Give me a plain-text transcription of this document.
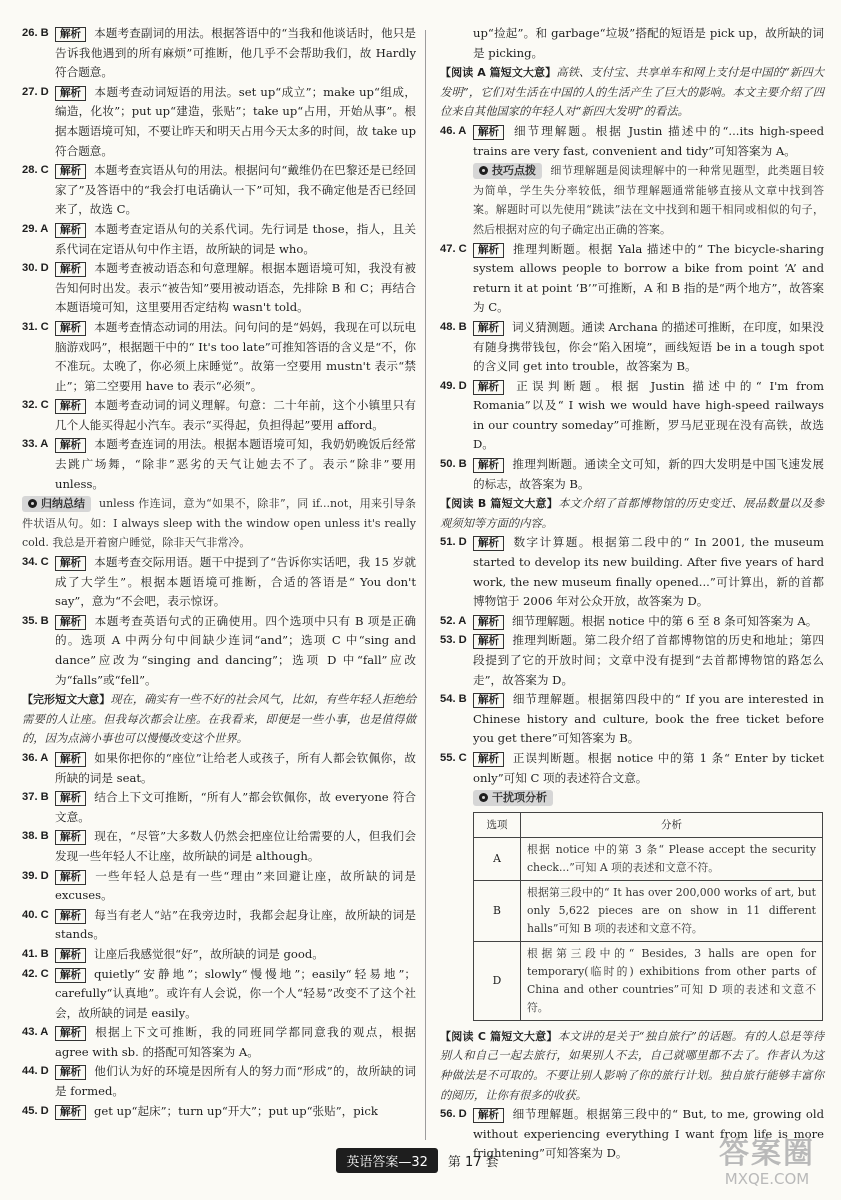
26. B	解析 本题考查副词的用法。根据答语中的“当我和他谈话时，他只是告诉我他遇到的所有麻烦”可推断，他几乎不会帮助我们，故 Hardly 符合题意。
27. D	解析 本题考查动词短语的用法。set up“成立”；make up“组成，编造，化妆”；put up“建造，张贴”；take up“占用，开始从事”。根据本题语境可知，不要让昨天和明天占用今天太多的时间，故 take up 符合题意。
28. C	解析 本题考查宾语从句的用法。根据问句“戴维仍在巴黎还是已经回家了”及答语中的“我会打电话确认一下”可知，我不确定他是否已经回来了，故选 C。
29. A	解析 本题考查定语从句的关系代词。先行词是 those，指人，且关系代词在定语从句中作主语，故所缺的词是 who。
30. D	解析 本题考查被动语态和句意理解。根据本题语境可知，我没有被告知何时出发。表示“被告知”要用被动语态，先排除 B 和 C；再结合本题语境可知，这里要用否定结构 wasn't told。
31. C	解析 本题考查情态动词的用法。问句问的是“妈妈，我现在可以玩电脑游戏吗”，根据题干中的“ It's too late”可推知答语的含义是“不，你不准玩。太晚了，你必须上床睡觉”。故第一空要用 mustn't 表示“禁止”；第二空要用 have to 表示“必须”。
32. C	解析 本题考查动词的词义理解。句意：二十年前，这个小镇里只有几个人能买得起小汽车。表示“买得起，负担得起”要用 afford。
33. A	解析 本题考查连词的用法。根据本题语境可知，我奶奶晚饭后经常去跳广场舞，“除非”恶劣的天气让她去不了。表示“除非”要用 unless。
归纳总结 unless 作连词，意为“如果不，除非”，同 if...not，用来引导条件状语从句。如：I always sleep with the window open unless it's really cold. 我总是开着窗户睡觉，除非天气非常冷。
34. C	解析 本题考查交际用语。题干中提到了“告诉你实话吧，我 15 岁就成了大学生”。根据本题语境可推断，合适的答语是“ You don't say”，意为“不会吧，表示惊讶。
35. B	解析 本题考查英语句式的正确使用。四个选项中只有 B 项是正确的。选项 A 中两分句中间缺少连词“and”；选项 C 中“sing and dance”应改为“singing and dancing”；选项 D 中“fall”应改为“falls”或“fell”。
【完形短文大意】现在，确实有一些不好的社会风气，比如，有些年轻人拒绝给需要的人让座。但我每次都会让座。在我看来，即便是一些小事，也是值得做的，因为点滴小事也可以慢慢改变这个世界。
36. A	解析 如果你把你的“座位”让给老人或孩子，所有人都会钦佩你，故所缺的词是 seat。
37. B	解析 结合上下文可推断，“所有人”都会钦佩你，故 everyone 符合文意。
38. B	解析 现在，“尽管”大多数人仍然会把座位让给需要的人，但我们会发现一些年轻人不让座，故所缺的词是 although。
39. D	解析 一些年轻人总是有一些“理由”来回避让座，故所缺的词是 excuses。
40. C	解析 每当有老人“站”在我旁边时，我都会起身让座，故所缺的词是 stands。
41. B	解析 让座后我感觉很“好”，故所缺的词是 good。
42. C	解析 quietly“安静地”；slowly“慢慢地”；easily“轻易地”；carefully“认真地”。或许有人会说，你一个人“轻易”改变不了这个社会，故所缺的词是 easily。
43. A	解析 根据上下文可推断，我的同班同学都同意我的观点，根据 agree with sb. 的搭配可知答案为 A。
44. D	解析 他们认为好的环境是因所有人的努力而“形成”的，故所缺的词是 formed。
45. D	解析 get up“起床”；turn up“开大”；put up“张贴”，pick
up“捡起”。和 garbage“垃圾”搭配的短语是 pick up，故所缺的词是 picking。
【阅读 A 篇短文大意】高铁、支付宝、共享单车和网上支付是中国的“新四大发明”，它们对生活在中国的人的生活产生了巨大的影响。本文主要介绍了四位来自其他国家的年轻人对“新四大发明”的看法。
46. A	解析 细节理解题。根据 Justin 描述中的“...its high-speed trains are very fast, convenient and tidy”可知答案为 A。
技巧点拨 细节理解题是阅读理解中的一种常见题型，此类题目较为简单，学生失分率较低，细节理解题通常能够直接从文章中找到答案。解题时可以先使用“跳读”法在文中找到和题干相同或相似的句子，然后根据对应的句子确定出正确的答案。
47. C	解析 推理判断题。根据 Yala 描述中的“ The bicycle-sharing system allows people to borrow a bike from point ‘A’ and return it at point ‘B’”可推断，A 和 B 指的是“两个地方”，故答案为 C。
48. B	解析 词义猜测题。通读 Archana 的描述可推断，在印度，如果没有随身携带钱包，你会“陷入困境”，画线短语 be in a tough spot 的含义同 get into trouble，故答案为 B。
49. D	解析 正误判断题。根据 Justin 描述中的“ I'm from Romania”以及“ I wish we would have high-speed railways in our country someday”可推断，罗马尼亚现在没有高铁，故选 D。
50. B	解析 推理判断题。通读全文可知，新的四大发明是中国飞速发展的标志，故答案为 B。
【阅读 B 篇短文大意】本文介绍了首都博物馆的历史变迁、展品数量以及参观须知等方面的内容。
51. D	解析 数字计算题。根据第二段中的“ In 2001, the museum started to develop its new building. After five years of hard work, the new museum finally opened...”可计算出，新的首都博物馆于 2006 年对公众开放，故答案为 D。
52. A	解析 细节理解题。根据 notice 中的第 6 至 8 条可知答案为 A。
53. D	解析 推理判断题。第二段介绍了首都博物馆的历史和地址；第四段提到了它的开放时间；文章中没有提到“去首都博物馆的路怎么走”，故答案为 D。
54. B	解析 细节理解题。根据第四段中的“ If you are interested in Chinese history and culture, book the free ticket before you get there”可知答案为 B。
55. C	解析 正误判断题。根据 notice 中的第 1 条“ Enter by ticket only”可知 C 项的表述符合文意。
干扰项分析
选项	分析
A	根据 notice 中的第 3 条“ Please accept the security check...”可知 A 项的表述和文意不符。
B	根据第三段中的“ It has over 200,000 works of art, but only 5,622 pieces are on show in 11 different halls”可知 B 项的表述和文意不符。
D	根据第三段中的“ Besides, 3 halls are open for temporary(临时的) exhibitions from other parts of China and other countries”可知 D 项的表述和文意不符。
【阅读 C 篇短文大意】本文讲的是关于“独自旅行”的话题。有的人总是等待别人和自己一起去旅行，如果别人不去，自己就哪里都不去了。作者认为这种做法是不可取的。不要让别人影响了你的旅行计划。独自旅行能够丰富你的阅历，让你有很多的收获。
56. D	解析 细节理解题。根据第三段中的“ But, to me, growing old without experiencing everything I want from life is more frightening”可知答案为 D。
英语答案—32	第 17 套	答案圈
MXQE.COM
